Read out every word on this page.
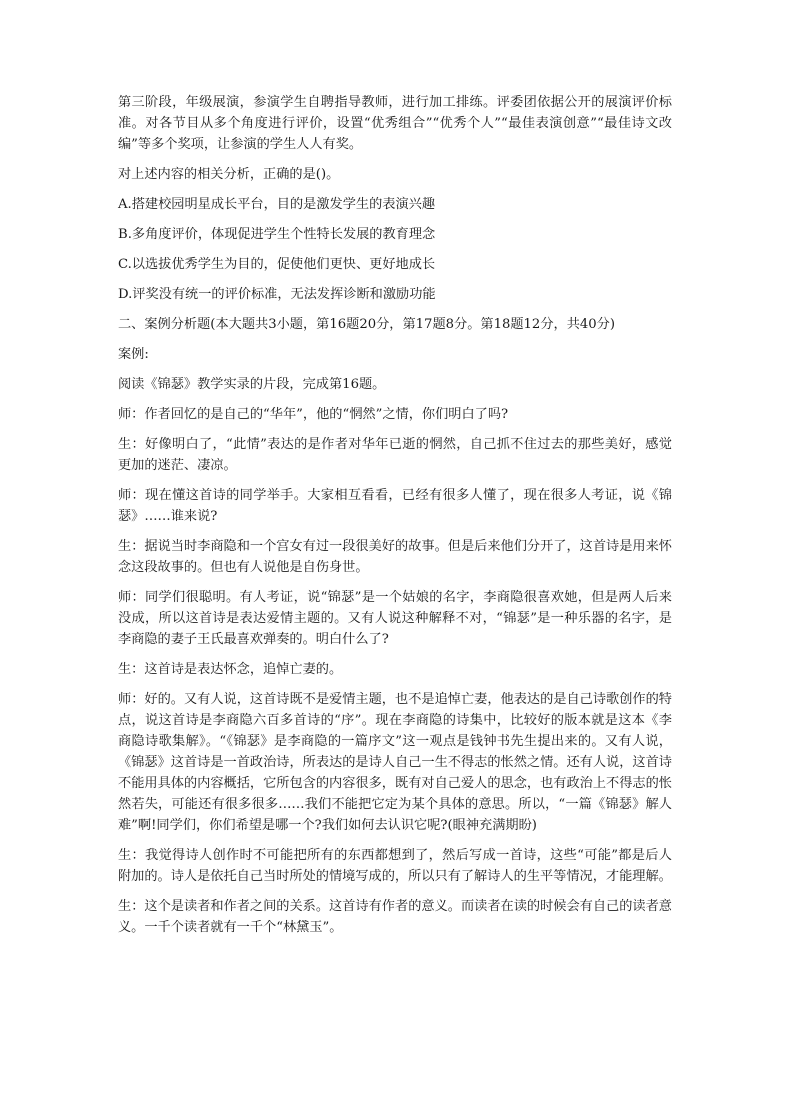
第三阶段，年级展演，参演学生自聘指导教师，进行加工排练。评委团依据公开的展演评价标准。对各节目从多个角度进行评价，设置“优秀组合”“优秀个人”“最佳表演创意”“最佳诗文改编”等多个奖项，让参演的学生人人有奖。

对上述内容的相关分析，正确的是()。

A.搭建校园明星成长平台，目的是激发学生的表演兴趣

B.多角度评价，体现促进学生个性特长发展的教育理念

C.以选拔优秀学生为目的，促使他们更快、更好地成长

D.评奖没有统一的评价标准，无法发挥诊断和激励功能

二、案例分析题(本大题共3小题，第16题20分，第17题8分。第18题12分，共40分)

案例:

阅读《锦瑟》教学实录的片段，完成第16题。

师：作者回忆的是自己的“华年”，他的“惘然”之情，你们明白了吗?

生：好像明白了，“此情”表达的是作者对华年已逝的惘然，自己抓不住过去的那些美好，感觉更加的迷茫、凄凉。

师：现在懂这首诗的同学举手。大家相互看看，已经有很多人懂了，现在很多人考证，说《锦瑟》……谁来说?

生：据说当时李商隐和一个宫女有过一段很美好的故事。但是后来他们分开了，这首诗是用来怀念这段故事的。但也有人说他是自伤身世。

师：同学们很聪明。有人考证，说“锦瑟”是一个姑娘的名字，李商隐很喜欢她，但是两人后来没成，所以这首诗是表达爱情主题的。又有人说这种解释不对，“锦瑟”是一种乐器的名字，是李商隐的妻子王氏最喜欢弹奏的。明白什么了?

生：这首诗是表达怀念，追悼亡妻的。

师：好的。又有人说，这首诗既不是爱情主题，也不是追悼亡妻，他表达的是自己诗歌创作的特点，说这首诗是李商隐六百多首诗的“序”。现在李商隐的诗集中，比较好的版本就是这本《李商隐诗歌集解》。“《锦瑟》是李商隐的一篇序文”这一观点是钱钟书先生提出来的。又有人说，《锦瑟》这首诗是一首政治诗，所表达的是诗人自己一生不得志的怅然之情。还有人说，这首诗不能用具体的内容概括，它所包含的内容很多，既有对自己爱人的思念，也有政治上不得志的怅然若失，可能还有很多很多……我们不能把它定为某个具体的意思。所以，“一篇《锦瑟》解人难”啊!同学们，你们希望是哪一个?我们如何去认识它呢?(眼神充满期盼)

生：我觉得诗人创作时不可能把所有的东西都想到了，然后写成一首诗，这些“可能”都是后人附加的。诗人是依托自己当时所处的情境写成的，所以只有了解诗人的生平等情况，才能理解。

生：这个是读者和作者之间的关系。这首诗有作者的意义。而读者在读的时候会有自己的读者意义。一千个读者就有一千个“林黛玉”。
